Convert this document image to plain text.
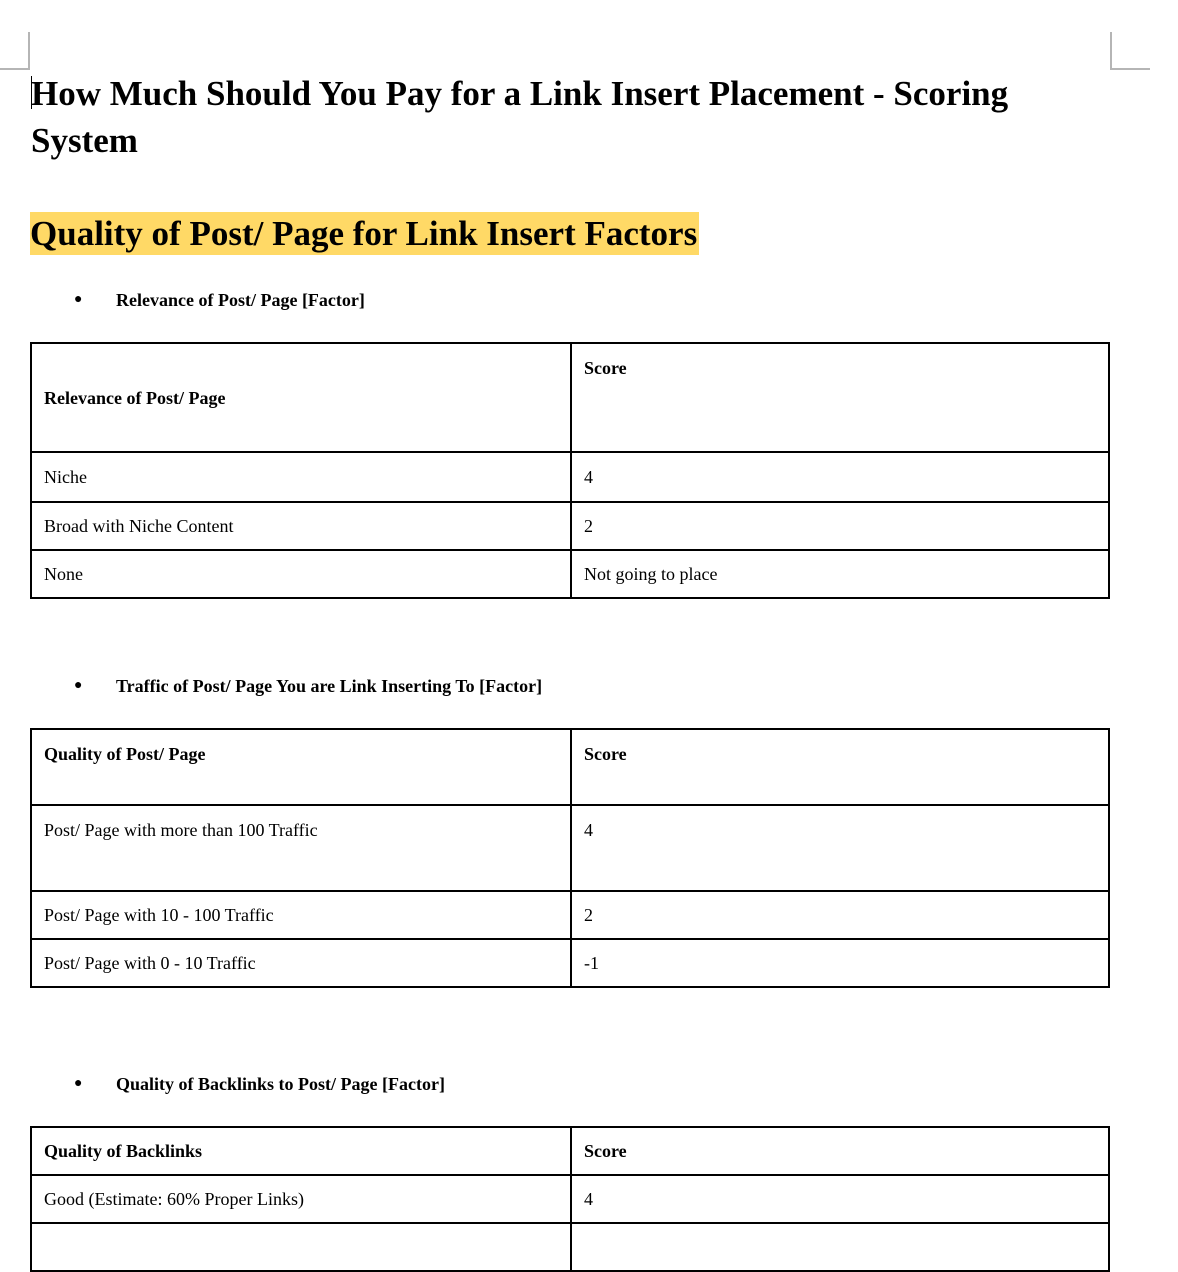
How Much Should You Pay for a Link Insert Placement - Scoring System
Quality of Post/ Page for Link Insert Factors
●	Relevance of Post/ Page [Factor]
Relevance of Post/ Page	Score
Niche	4
Broad with Niche Content	2
None	Not going to place
●	Traffic of Post/ Page You are Link Inserting To [Factor]
Quality of Post/ Page	Score
Post/ Page with more than 100 Traffic	4
Post/ Page with 10 - 100 Traffic	2
Post/ Page with 0 - 10 Traffic	-1
●	Quality of Backlinks to Post/ Page [Factor]
Quality of Backlinks	Score
Good (Estimate: 60% Proper Links)	4
